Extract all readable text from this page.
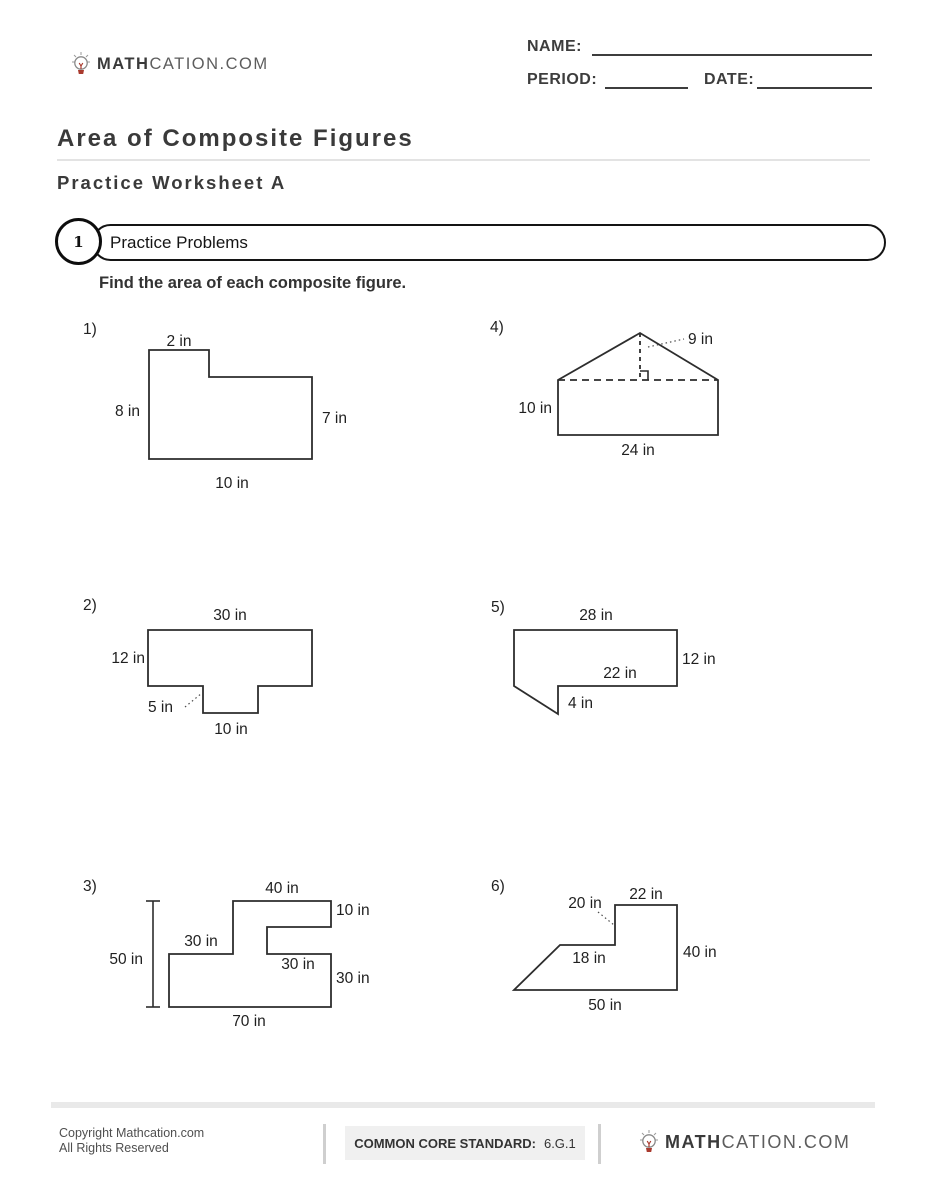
MATHCATION.COM
NAME:
PERIOD:	DATE:
Area of Composite Figures
Practice Worksheet A
Practice Problems
1
Find the area of each composite figure.
1)
2 in
8 in	7 in
10 in
4)
9 in
10 in
24 in
2)
30 in
12 in
5 in
10 in
5)	28 in
12 in
22 in
4 in
3)	40 in
10 in
30 in
30 in
30 in
70 in
50 in
6)	22 in
20 in
40 in
18 in
50 in
Copyright Mathcation.com
All Rights Reserved	COMMON CORE STANDARD: 6.G.1	MATHCATION.COM
